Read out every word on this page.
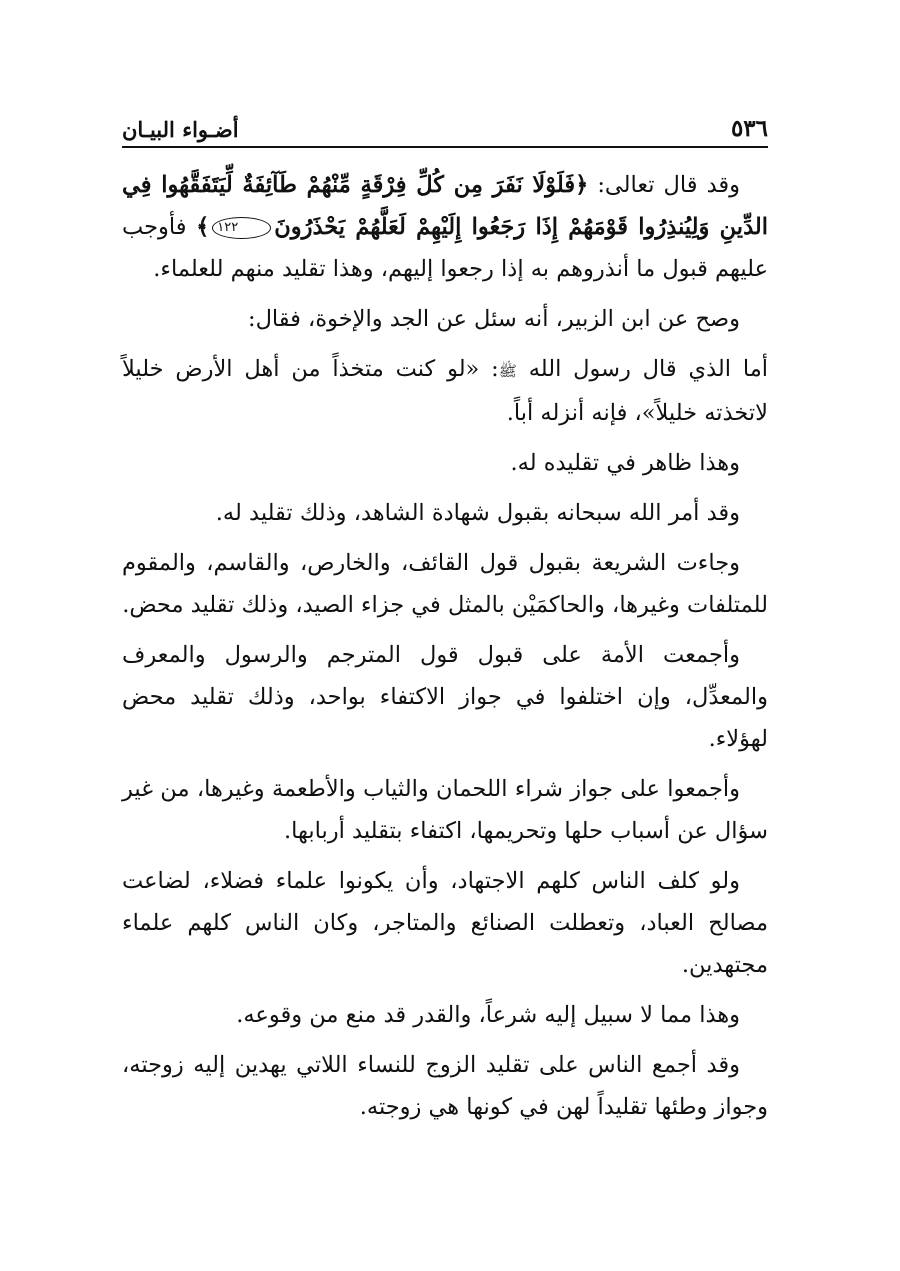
٥٣٦
أضـواء البيـان

وقد قال تعالى: ﴿فَلَوْلَا نَفَرَ مِن كُلِّ فِرْقَةٍ مِّنْهُمْ طَآئِفَةٌ لِّيَتَفَقَّهُوا فِي الدِّينِ وَلِيُنذِرُوا قَوْمَهُمْ إِذَا رَجَعُوا إِلَيْهِمْ لَعَلَّهُمْ يَحْذَرُونَ١٢٢﴾ فأوجب عليهم قبول ما أنذروهم به إذا رجعوا إليهم، وهذا تقليد منهم للعلماء.

وصح عن ابن الزبير، أنه سئل عن الجد والإخوة، فقال:

أما الذي قال رسول الله ﷺ: «لو كنت متخذاً من أهل الأرض خليلاً لاتخذته خليلاً»، فإنه أنزله أباً.

وهذا ظاهر في تقليده له.

وقد أمر الله سبحانه بقبول شهادة الشاهد، وذلك تقليد له.

وجاءت الشريعة بقبول قول القائف، والخارص، والقاسم، والمقوم للمتلفات وغيرها، والحاكمَيْن بالمثل في جزاء الصيد، وذلك تقليد محض.

وأجمعت الأمة على قبول قول المترجم والرسول والمعرف والمعدِّل، وإن اختلفوا في جواز الاكتفاء بواحد، وذلك تقليد محض لهؤلاء.

وأجمعوا على جواز شراء اللحمان والثياب والأطعمة وغيرها، من غير سؤال عن أسباب حلها وتحريمها، اكتفاء بتقليد أربابها.

ولو كلف الناس كلهم الاجتهاد، وأن يكونوا علماء فضلاء، لضاعت مصالح العباد، وتعطلت الصنائع والمتاجر، وكان الناس كلهم علماء مجتهدين.

وهذا مما لا سبيل إليه شرعاً، والقدر قد منع من وقوعه.

وقد أجمع الناس على تقليد الزوج للنساء اللاتي يهدين إليه زوجته، وجواز وطئها تقليداً لهن في كونها هي زوجته.
